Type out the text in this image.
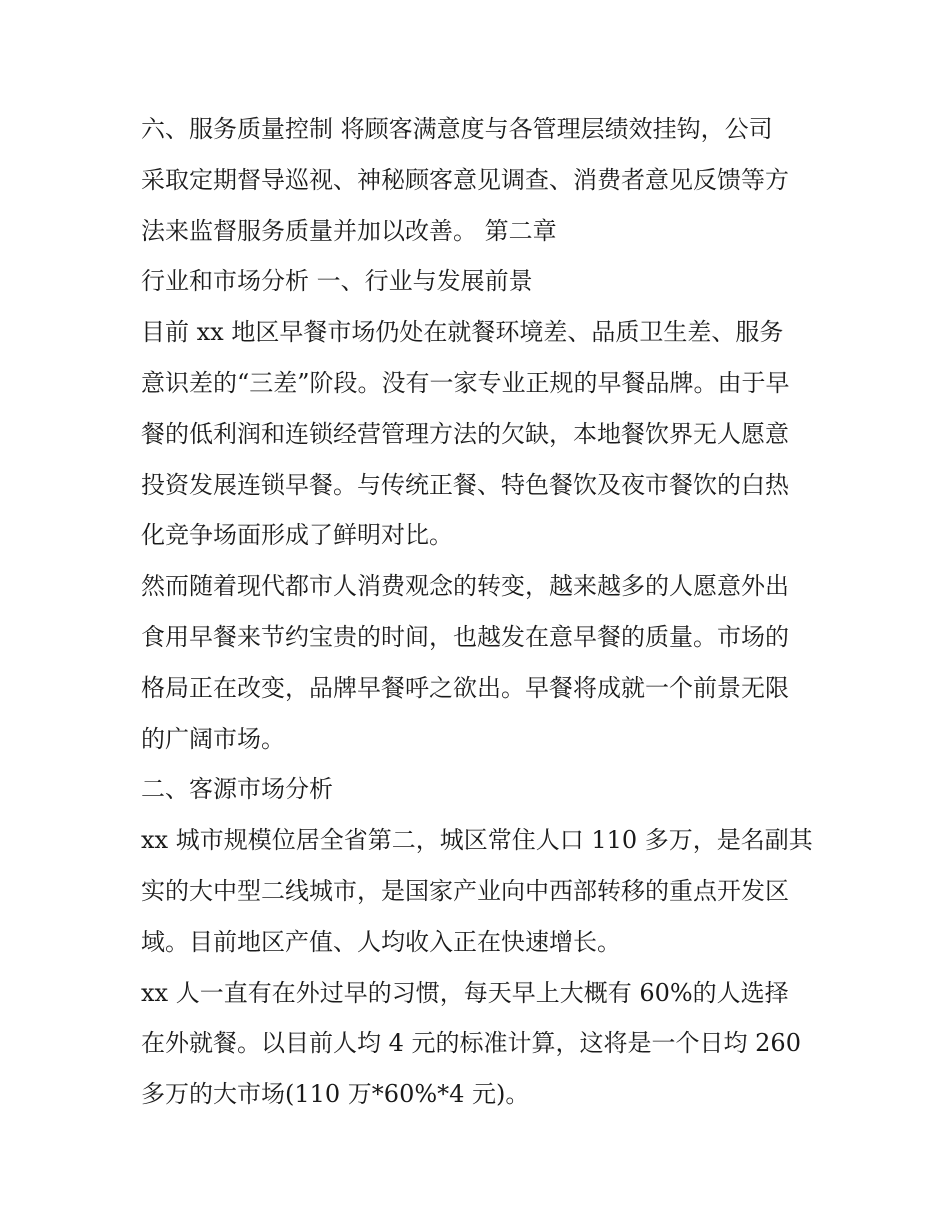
六、服务质量控制 将顾客满意度与各管理层绩效挂钩，公司
采取定期督导巡视、神秘顾客意见调查、消费者意见反馈等方
法来监督服务质量并加以改善。 第二章

行业和市场分析 一、行业与发展前景

目前 xx 地区早餐市场仍处在就餐环境差、品质卫生差、服务
意识差的“三差”阶段。没有一家专业正规的早餐品牌。由于早
餐的低利润和连锁经营管理方法的欠缺，本地餐饮界无人愿意
投资发展连锁早餐。与传统正餐、特色餐饮及夜市餐饮的白热
化竞争场面形成了鲜明对比。

然而随着现代都市人消费观念的转变，越来越多的人愿意外出
食用早餐来节约宝贵的时间，也越发在意早餐的质量。市场的
格局正在改变，品牌早餐呼之欲出。早餐将成就一个前景无限
的广阔市场。

二、客源市场分析

xx 城市规模位居全省第二，城区常住人口 110 多万，是名副其
实的大中型二线城市，是国家产业向中西部转移的重点开发区
域。目前地区产值、人均收入正在快速增长。

xx 人一直有在外过早的习惯，每天早上大概有 60%的人选择
在外就餐。以目前人均 4 元的标准计算，这将是一个日均 260
多万的大市场(110 万*60%*4 元)。
